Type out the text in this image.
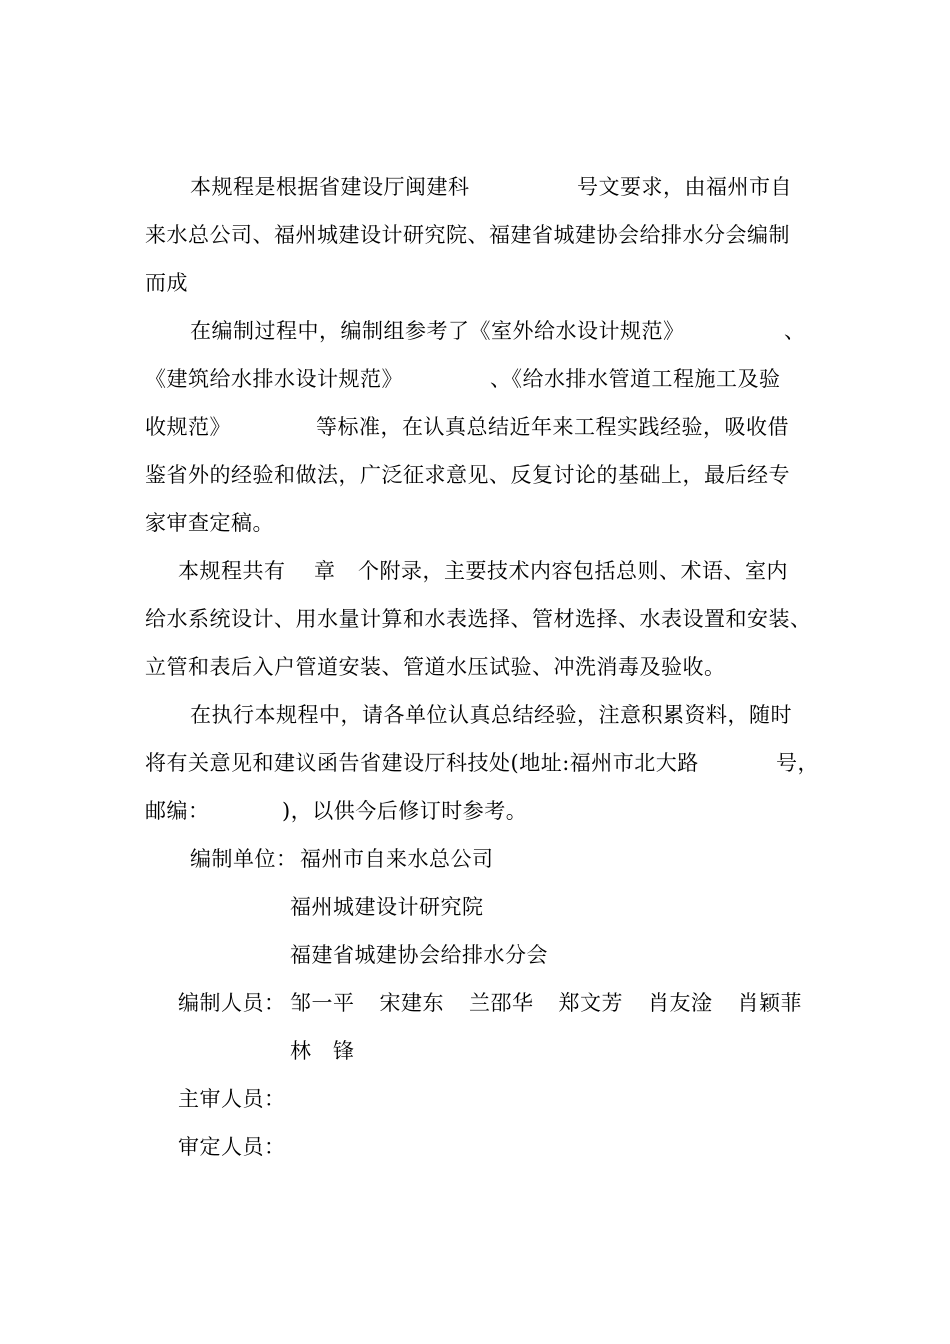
本规程是根据省建设厅闽建科	号文要求，由福州市自
来水总公司、福州城建设计研究院、福建省城建协会给排水分会编制
而成
在编制过程中，编制组参考了《室外给水设计规范》	、
《建筑给水排水设计规范》	、《给水排水管道工程施工及验
收规范》	等标准，在认真总结近年来工程实践经验，吸收借
鉴省外的经验和做法，广泛征求意见、反复讨论的基础上，最后经专
家审查定稿。
本规程共有 章 个附录，主要技术内容包括总则、术语、室内
给水系统设计、用水量计算和水表选择、管材选择、水表设置和安装、
立管和表后入户管道安装、管道水压试验、冲洗消毒及验收。
在执行本规程中，请各单位认真总结经验，注意积累资料，随时
将有关意见和建议函告省建设厅科技处(地址:福州市北大路	号，
邮编：	)，以供今后修订时参考。
编制单位： 福州市自来水总公司
福州城建设计研究院
福建省城建协会给排水分会
编制人员： 邹一平 宋建东 兰邵华 郑文芳 肖友淦 肖颖菲
林　锋
主审人员：
审定人员：
